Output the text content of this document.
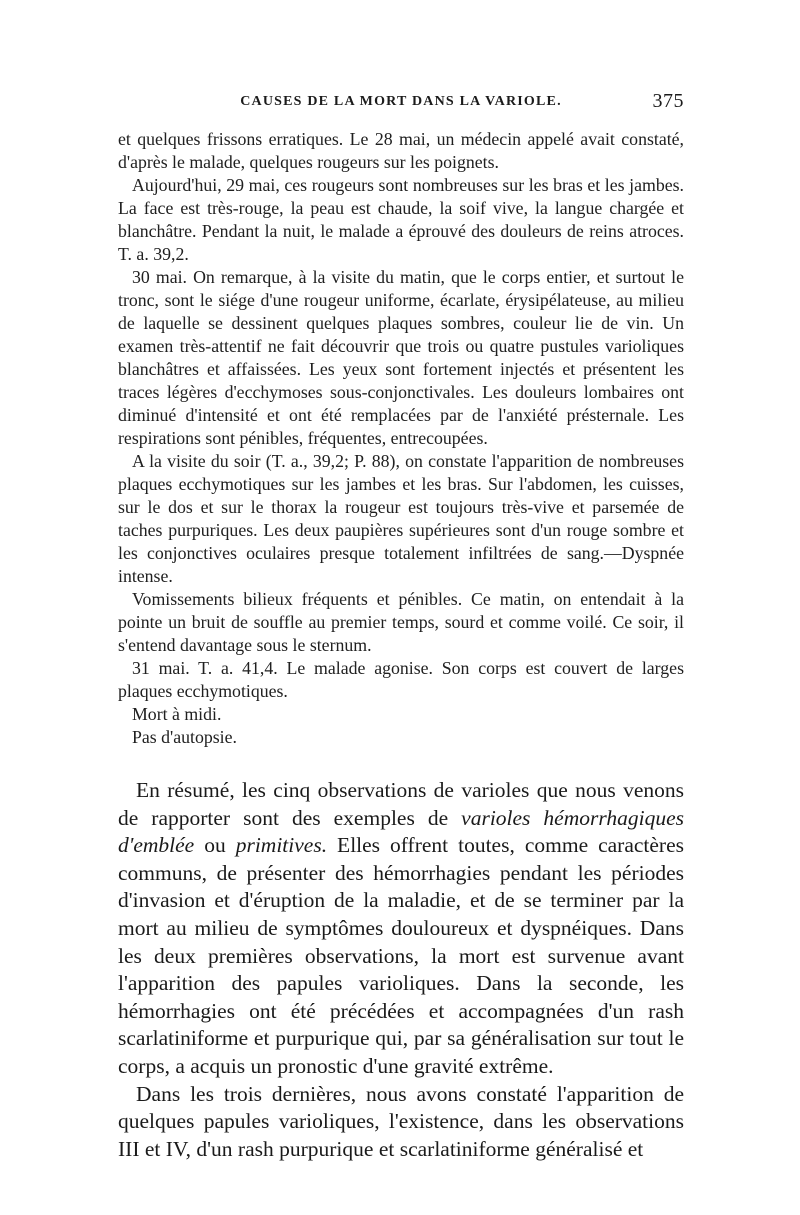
CAUSES DE LA MORT DANS LA VARIOLE.	375

et quelques frissons erratiques. Le 28 mai, un médecin appelé avait constaté, d'après le malade, quelques rougeurs sur les poignets.

Aujourd'hui, 29 mai, ces rougeurs sont nombreuses sur les bras et les jambes. La face est très-rouge, la peau est chaude, la soif vive, la langue chargée et blanchâtre. Pendant la nuit, le malade a éprouvé des douleurs de reins atroces. T. a. 39,2.

30 mai. On remarque, à la visite du matin, que le corps entier, et surtout le tronc, sont le siége d'une rougeur uniforme, écarlate, érysipélateuse, au milieu de laquelle se dessinent quelques plaques sombres, couleur lie de vin. Un examen très-attentif ne fait découvrir que trois ou quatre pustules varioliques blanchâtres et affaissées. Les yeux sont fortement injectés et présentent les traces légères d'ecchymoses sous-conjonctivales. Les douleurs lombaires ont diminué d'intensité et ont été remplacées par de l'anxiété présternale. Les respirations sont pénibles, fréquentes, entrecoupées.

A la visite du soir (T. a., 39,2; P. 88), on constate l'apparition de nombreuses plaques ecchymotiques sur les jambes et les bras. Sur l'abdomen, les cuisses, sur le dos et sur le thorax la rougeur est toujours très-vive et parsemée de taches purpuriques. Les deux paupières supérieures sont d'un rouge sombre et les conjonctives oculaires presque totalement infiltrées de sang.—Dyspnée intense.

Vomissements bilieux fréquents et pénibles. Ce matin, on entendait à la pointe un bruit de souffle au premier temps, sourd et comme voilé. Ce soir, il s'entend davantage sous le sternum.

31 mai. T. a. 41,4. Le malade agonise. Son corps est couvert de larges plaques ecchymotiques.

Mort à midi.

Pas d'autopsie.

En résumé, les cinq observations de varioles que nous venons de rapporter sont des exemples de varioles hémorrhagiques d'emblée ou primitives. Elles offrent toutes, comme caractères communs, de présenter des hémorrhagies pendant les périodes d'invasion et d'éruption de la maladie, et de se terminer par la mort au milieu de symptômes douloureux et dyspnéiques. Dans les deux premières observations, la mort est survenue avant l'apparition des papules varioliques. Dans la seconde, les hémorrhagies ont été précédées et accompagnées d'un rash scarlatiniforme et purpurique qui, par sa généralisation sur tout le corps, a acquis un pronostic d'une gravité extrême.

Dans les trois dernières, nous avons constaté l'apparition de quelques papules varioliques, l'existence, dans les observations III et IV, d'un rash purpurique et scarlatiniforme généralisé et
